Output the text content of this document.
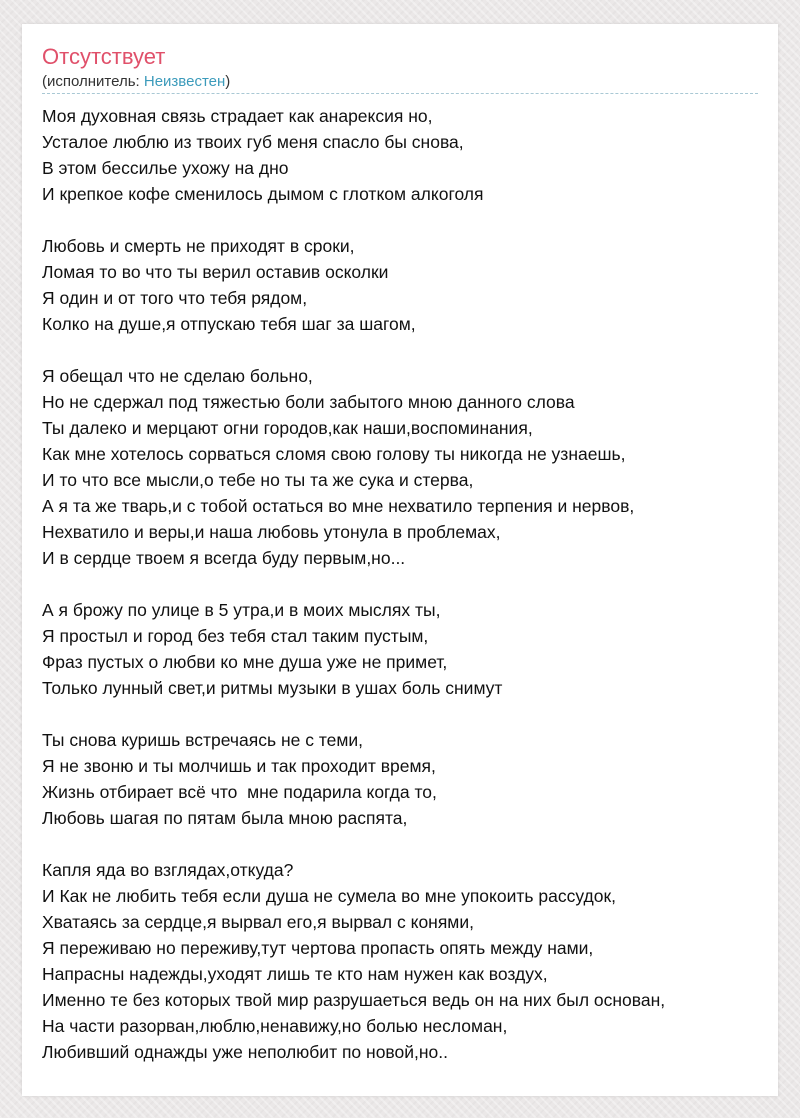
Отсутствует
(исполнитель: Неизвестен)
Моя духовная связь страдает как анарексия но,
Усталое люблю из твоих губ меня спасло бы снова,
В этом бессилье ухожу на дно
И крепкое кофе сменилось дымом с глотком алкоголя
Любовь и смерть не приходят в сроки,
Ломая то во что ты верил оставив осколки
Я один и от того что тебя рядом,
Колко на душе,я отпускаю тебя шаг за шагом,
Я обещал что не сделаю больно,
Но не сдержал под тяжестью боли забытого мною данного слова
Ты далеко и мерцают огни городов,как наши,воспоминания,
Как мне хотелось сорваться сломя свою голову ты никогда не узнаешь,
И то что все мысли,о тебе но ты та же сука и стерва,
А я та же тварь,и с тобой остаться во мне нехватило терпения и нервов,
Нехватило и веры,и наша любовь утонула в проблемах,
И в сердце твоем я всегда буду первым,но...
А я брожу по улице в 5 утра,и в моих мыслях ты,
Я простыл и город без тебя стал таким пустым,
Фраз пустых о любви ко мне душа уже не примет,
Только лунный свет,и ритмы музыки в ушах боль снимут
Ты снова куришь встречаясь не с теми,
Я не звоню и ты молчишь и так проходит время,
Жизнь отбирает всё что  мне подарила когда то,
Любовь шагая по пятам была мною распята,
Капля яда во взглядах,откуда?
И Как не любить тебя если душа не сумела во мне упокоить рассудок,
Хватаясь за сердце,я вырвал его,я вырвал с конями,
Я переживаю но переживу,тут чертова пропасть опять между нами,
Напрасны надежды,уходят лишь те кто нам нужен как воздух,
Именно те без которых твой мир разрушаеться ведь он на них был основан,
На части разорван,люблю,ненавижу,но болью несломан,
Любивший однажды уже неполюбит по новой,но..
